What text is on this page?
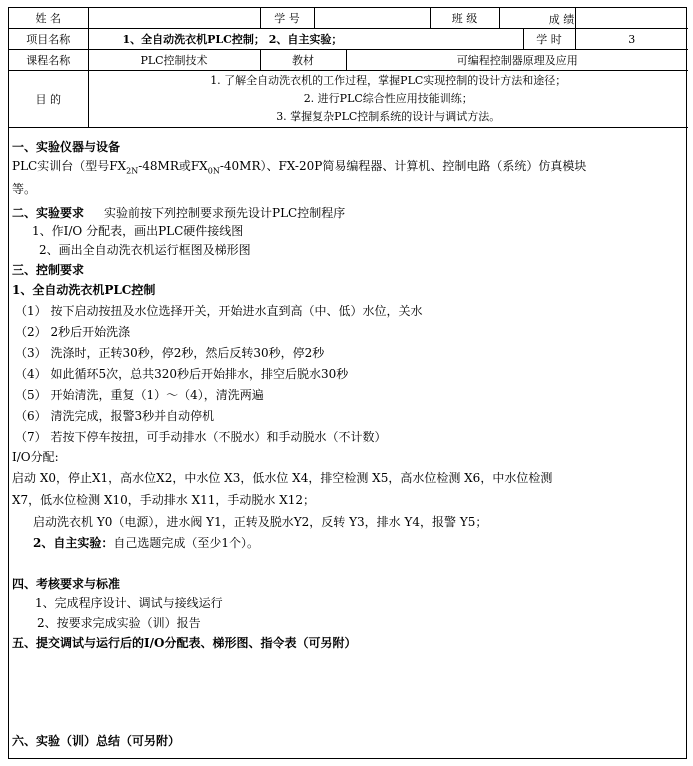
姓 名		学 号			班 级			成 绩

项目名称	1、全自动洗衣机PLC控制； 2、自主实验；						学 时	3
课程名称	PLC控制技术	教材		可编程控制器原理及应用				
目 的	1. 了解全自动洗衣机的工作过程，掌握PLC实现控制的设计方法和途径；
2. 进行PLC综合性应用技能训练；
3. 掌握复杂PLC控制系统的设计与调试方法。							
一、实验仪器与设备
PLC实训台（型号$FX_{2N}-48MR$或$FX_{0N}-40MR$）、FX-20P简易编程器、计算机、控制电路（系统）仿真模块
等。
二、实验要求 实验前按下列控制要求预先设计PLC控制程序
1、作I/O 分配表，画出PLC硬件接线图
2、画出全自动洗衣机运行框图及梯形图
三、控制要求
1、全自动洗衣机PLC控制
（1） 按下启动按扭及水位选择开关，开始进水直到高（中、低）水位，关水
（2） 2秒后开始洗涤
（3） 洗涤时，正转30秒，停2秒，然后反转30秒，停2秒
（4） 如此循环5次，总共320秒后开始排水，排空后脱水30秒
（5） 开始清洗，重复（1）～（4），清洗两遍
（6） 清洗完成，报警3秒并自动停机
（7） 若按下停车按扭，可手动排水（不脱水）和手动脱水（不计数）
I/O分配:
启动 X0，停止X1，高水位X2，中水位 X3，低水位 X4，排空检测 X5，高水位检测 X6，中水位检测
X7，低水位检测 X10，手动排水 X11，手动脱水 X12；
启动洗衣机 Y0（电源），进水阀 Y1，正转及脱水Y2，反转 Y3，排水 Y4，报警 Y5；
2、自主实验：自己选题完成（至少1个）。
四、考核要求与标准
1、完成程序设计、调试与接线运行
2、按要求完成实验（训）报告
五、提交调试与运行后的I/O分配表、梯形图、指令表（可另附）
六、实验（训）总结（可另附）
